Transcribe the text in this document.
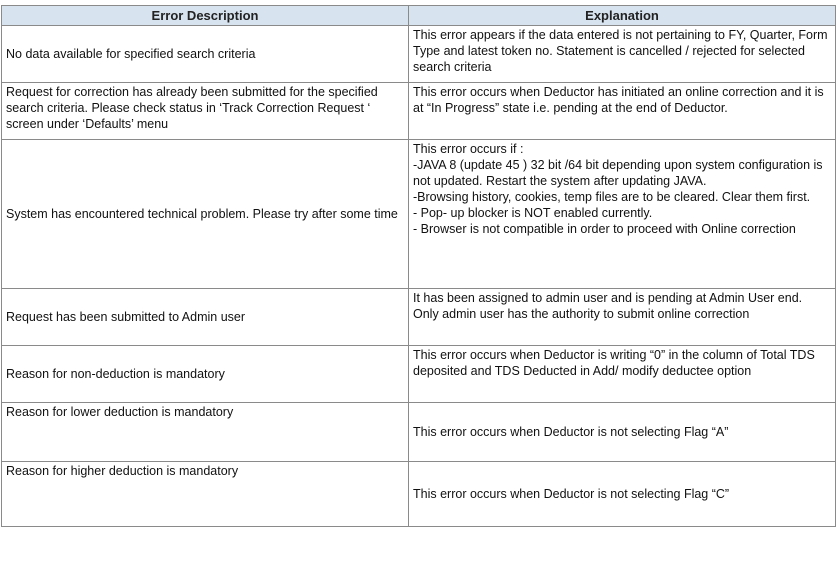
Error Description	Explanation
No data available for specified search criteria	This error appears if the data entered is not pertaining to FY, Quarter, Form Type and latest token no. Statement is cancelled / rejected for selected search criteria

Request for correction has already been submitted for the specified search criteria. Please check status in ‘Track Correction Request ‘ screen under ‘Defaults’ menu	This error occurs when Deductor has initiated an online correction and it is at “In Progress” state i.e. pending at the end of Deductor.

System has encountered technical problem. Please try after some time	This error occurs if :
-JAVA 8 (update 45 ) 32 bit /64 bit depending upon system configuration is not updated. Restart the system after updating JAVA.
-Browsing history, cookies, temp files are to be cleared. Clear them first.
- Pop- up blocker is NOT enabled currently.
- Browser is not compatible in order to proceed with Online correction

Request has been submitted to Admin user	It has been assigned to admin user and is pending at Admin User end. Only admin user has the authority to submit online correction

Reason for non-deduction is mandatory	This error occurs when Deductor is writing “0” in the column of Total TDS deposited and TDS Deducted in Add/ modify deductee option

Reason for lower deduction is mandatory	This error occurs when Deductor is not selecting Flag “A”

Reason for higher deduction is mandatory	This error occurs when Deductor is not selecting Flag “C”
